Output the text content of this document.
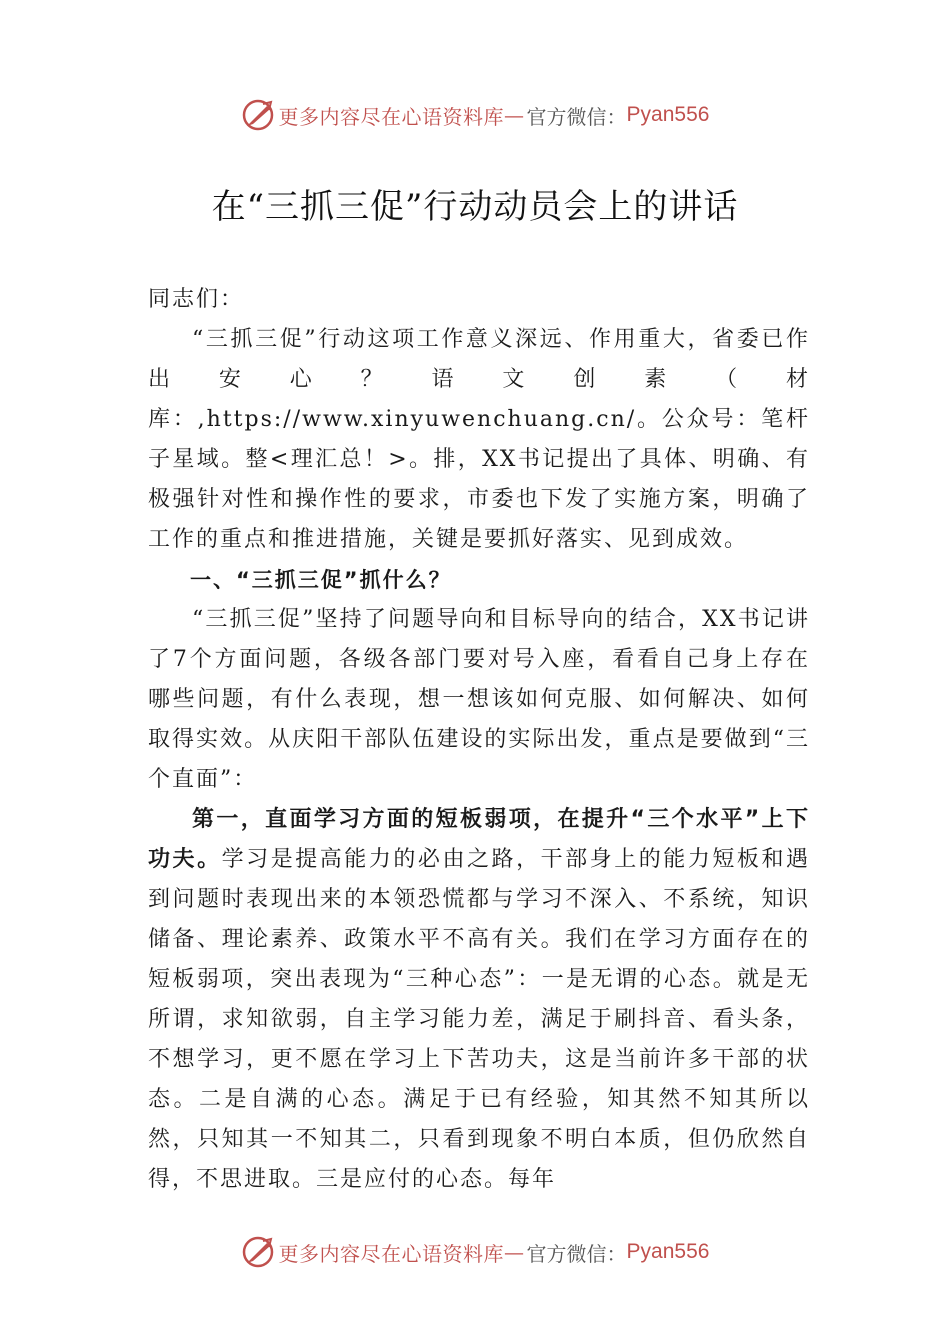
更多内容尽在心语资料库 — 官方微信： Pyan556
在“三抓三促”行动动员会上的讲话

同志们：

“三抓三促”行动这项工作意义深远、作用重大，省委已作出安心？语文创素（材库：,https://www.xinyuwenchuang.cn/。公众号：笔杆子星域。整<理汇总！>。排，XX书记提出了具体、明确、有极强针对性和操作性的要求，市委也下发了实施方案，明确了工作的重点和推进措施，关键是要抓好落实、见到成效。

一、“三抓三促”抓什么？

“三抓三促”坚持了问题导向和目标导向的结合，XX书记讲了7个方面问题，各级各部门要对号入座，看看自己身上存在哪些问题，有什么表现，想一想该如何克服、如何解决、如何取得实效。从庆阳干部队伍建设的实际出发，重点是要做到“三个直面”：

第一，直面学习方面的短板弱项，在提升“三个水平”上下功夫。学习是提高能力的必由之路，干部身上的能力短板和遇到问题时表现出来的本领恐慌都与学习不深入、不系统，知识储备、理论素养、政策水平不高有关。我们在学习方面存在的短板弱项，突出表现为“三种心态”：一是无谓的心态。就是无所谓，求知欲弱，自主学习能力差，满足于刷抖音、看头条，不想学习，更不愿在学习上下苦功夫，这是当前许多干部的状态。二是自满的心态。满足于已有经验，知其然不知其所以然，只知其一不知其二，只看到现象不明白本质，但仍欣然自得，不思进取。三是应付的心态。每年

更多内容尽在心语资料库 — 官方微信： Pyan556
